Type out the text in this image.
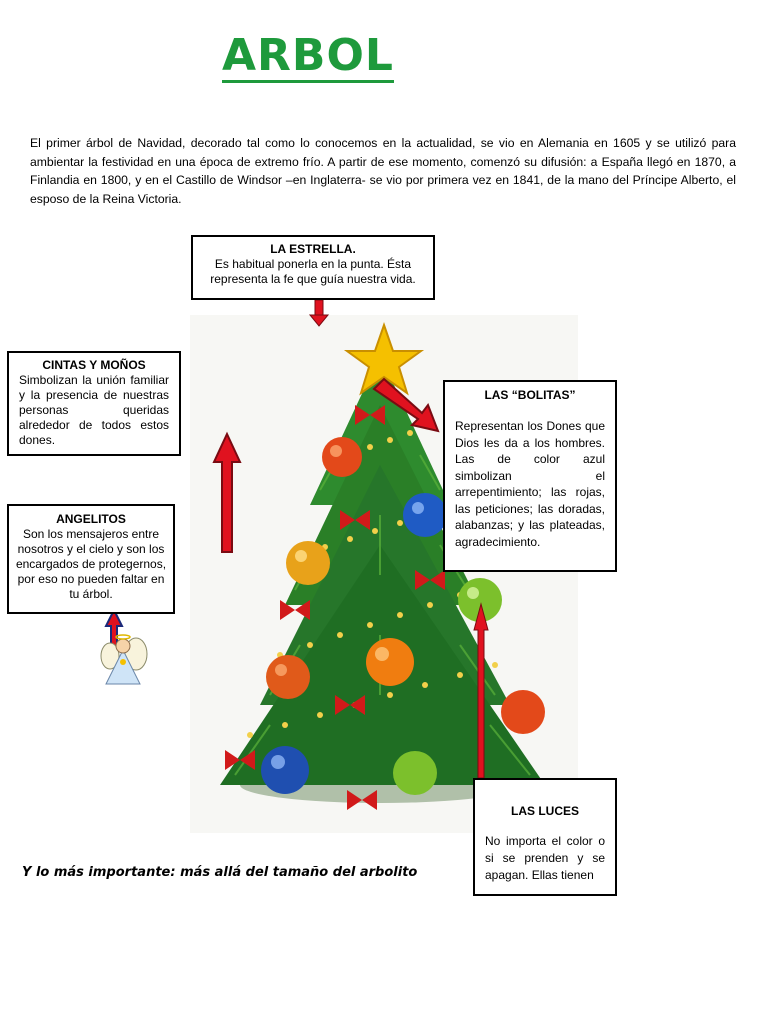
ARBOL
El primer árbol de Navidad, decorado tal como lo conocemos en la actualidad, se vio en Alemania en 1605 y se utilizó para ambientar la festividad en una época de extremo frío. A partir de ese momento, comenzó su difusión: a España llegó en 1870, a Finlandia en 1800, y en el Castillo de Windsor –en Inglaterra- se vio por primera vez en 1841, de la mano del Príncipe Alberto, el esposo de la Reina Victoria.
LA ESTRELLA.
Es habitual ponerla en la punta. Ésta representa la fe que guía nuestra vida.
CINTAS Y MOÑOS
Simbolizan la unión familiar y la presencia de nuestras personas queridas alrededor de todos estos dones.
ANGELITOS
Son los mensajeros entre nosotros y el cielo y son los encargados de protegernos, por eso no pueden faltar en tu árbol.
LAS “BOLITAS”
Representan los Dones que Dios les da a los hombres. Las de color azul simbolizan el arrepentimiento; las rojas, las peticiones; las doradas, alabanzas; y las plateadas, agradecimiento.
LAS LUCES
No importa el color o si se prenden y se apagan. Ellas tienen
Y lo más importante: más allá del tamaño del arbolito
